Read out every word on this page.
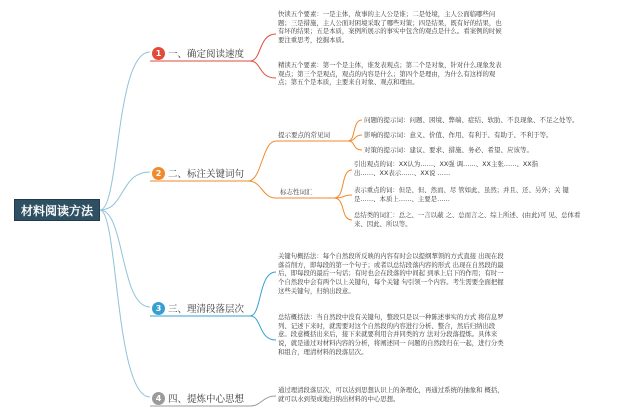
材料阅读方法
1 一、确定阅读速度
快读五个要素：一是主体，故事的主人公是谁；二是处境，主人公面临哪些问
题；三是措施，主人公面对困境采取了哪些对策；四是结果，既有好的结果，也
有坏的结果；五是本质，案例所展示的事实中包含的观点是什么。看案例的时候
要注重思考，挖掘本质。
精读五个要素：第一个是主体，谁发表观点；第二个是对象，针对什么现象发表
观点；第三个是观点，观点的内容是什么；第四个是理由，为什么有这样的观
点；第五个是本质，主要来自对象、观点和理由。
2 二、标注关键词句
提示要点的常见词
问题的提示词：问题、困境、弊端、症结、软肋、不良现象、不足之处等。
影响的提示词：意义、价值、作用、有利于、有助于、不利于等。
对策的提示词：建议、要求、措施、务必、希望、应该等。
标志性词汇
引出观点的词：XX认为……、XX强 调……、XX主张……、XX指
出……、XX表示……、XX说 ……
表示重点的词：但是、但、然而、尽 管如此、虽然；并且、还、另外；关 键
是……、本质上……、主要是……
总结类的词汇：总之、一言以蔽 之、总而言之、综上所述、(由此)可 见、总体看
来、因此、所以等。
3 三、理清段落层次
关键句概括法：每个自然段所反映的内容有时会以提纲挈领的方式直接 出现在段
落首削方，即每段的第一个句子；或者以总结段落内容的形式 出现在自然段的最
后，即每段的最后一句话；有时也会在段落的中间起 到承上启下的作用；有时一
个自然段中会有两个以上关键句，每个关键 句引领一个内容。考生需要全面把握
这些关键句，归纳出段意。
总结概括法：当自然段中没有关键句，整段只是以一种陈述事实的方式 将信息罗
列、记述下来时，就需要对这个自然段的内容进行分析、整合，然后归纳出段
意。段意概括出来后，接下来就要利用合并同类的方 法对分段落提炼。具体来
说，就是通过对材料内容的分析，将阐述同一 问题的自然段归在一起，进行分类
和组合，理清材料的段落层次。
4 四、提炼中心思想
通过理清段落层次，可以达到思想认识上的条理化，再通过系统的抽象和 概括，
就可以水到渠成地归纳出材料的中心思想。
